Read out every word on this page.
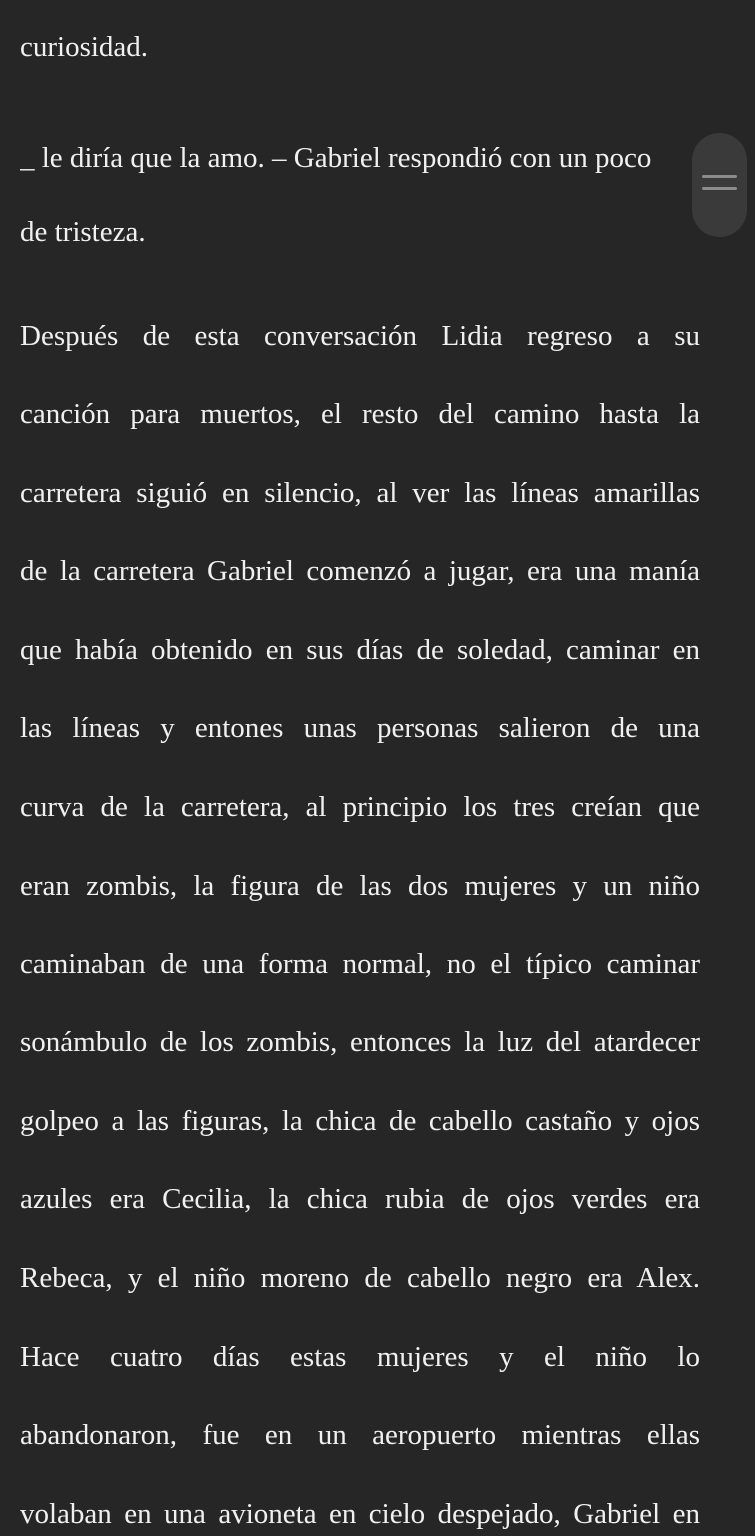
curiosidad.
_ le diría que la amo. – Gabriel respondió con un poco
de tristeza.
Después de esta conversación Lidia regreso a su
canción para muertos, el resto del camino hasta la
carretera siguió en silencio, al ver las líneas amarillas
de la carretera Gabriel comenzó a jugar, era una manía
que había obtenido en sus días de soledad, caminar en
las líneas y entones unas personas salieron de una
curva de la carretera, al principio los tres creían que
eran zombis, la figura de las dos mujeres y un niño
caminaban de una forma normal, no el típico caminar
sonámbulo de los zombis, entonces la luz del atardecer
golpeo a las figuras, la chica de cabello castaño y ojos
azules era Cecilia, la chica rubia de ojos verdes era
Rebeca, y el niño moreno de cabello negro era Alex.
Hace cuatro días estas mujeres y el niño lo
abandonaron, fue en un aeropuerto mientras ellas
volaban en una avioneta en cielo despejado, Gabriel en
